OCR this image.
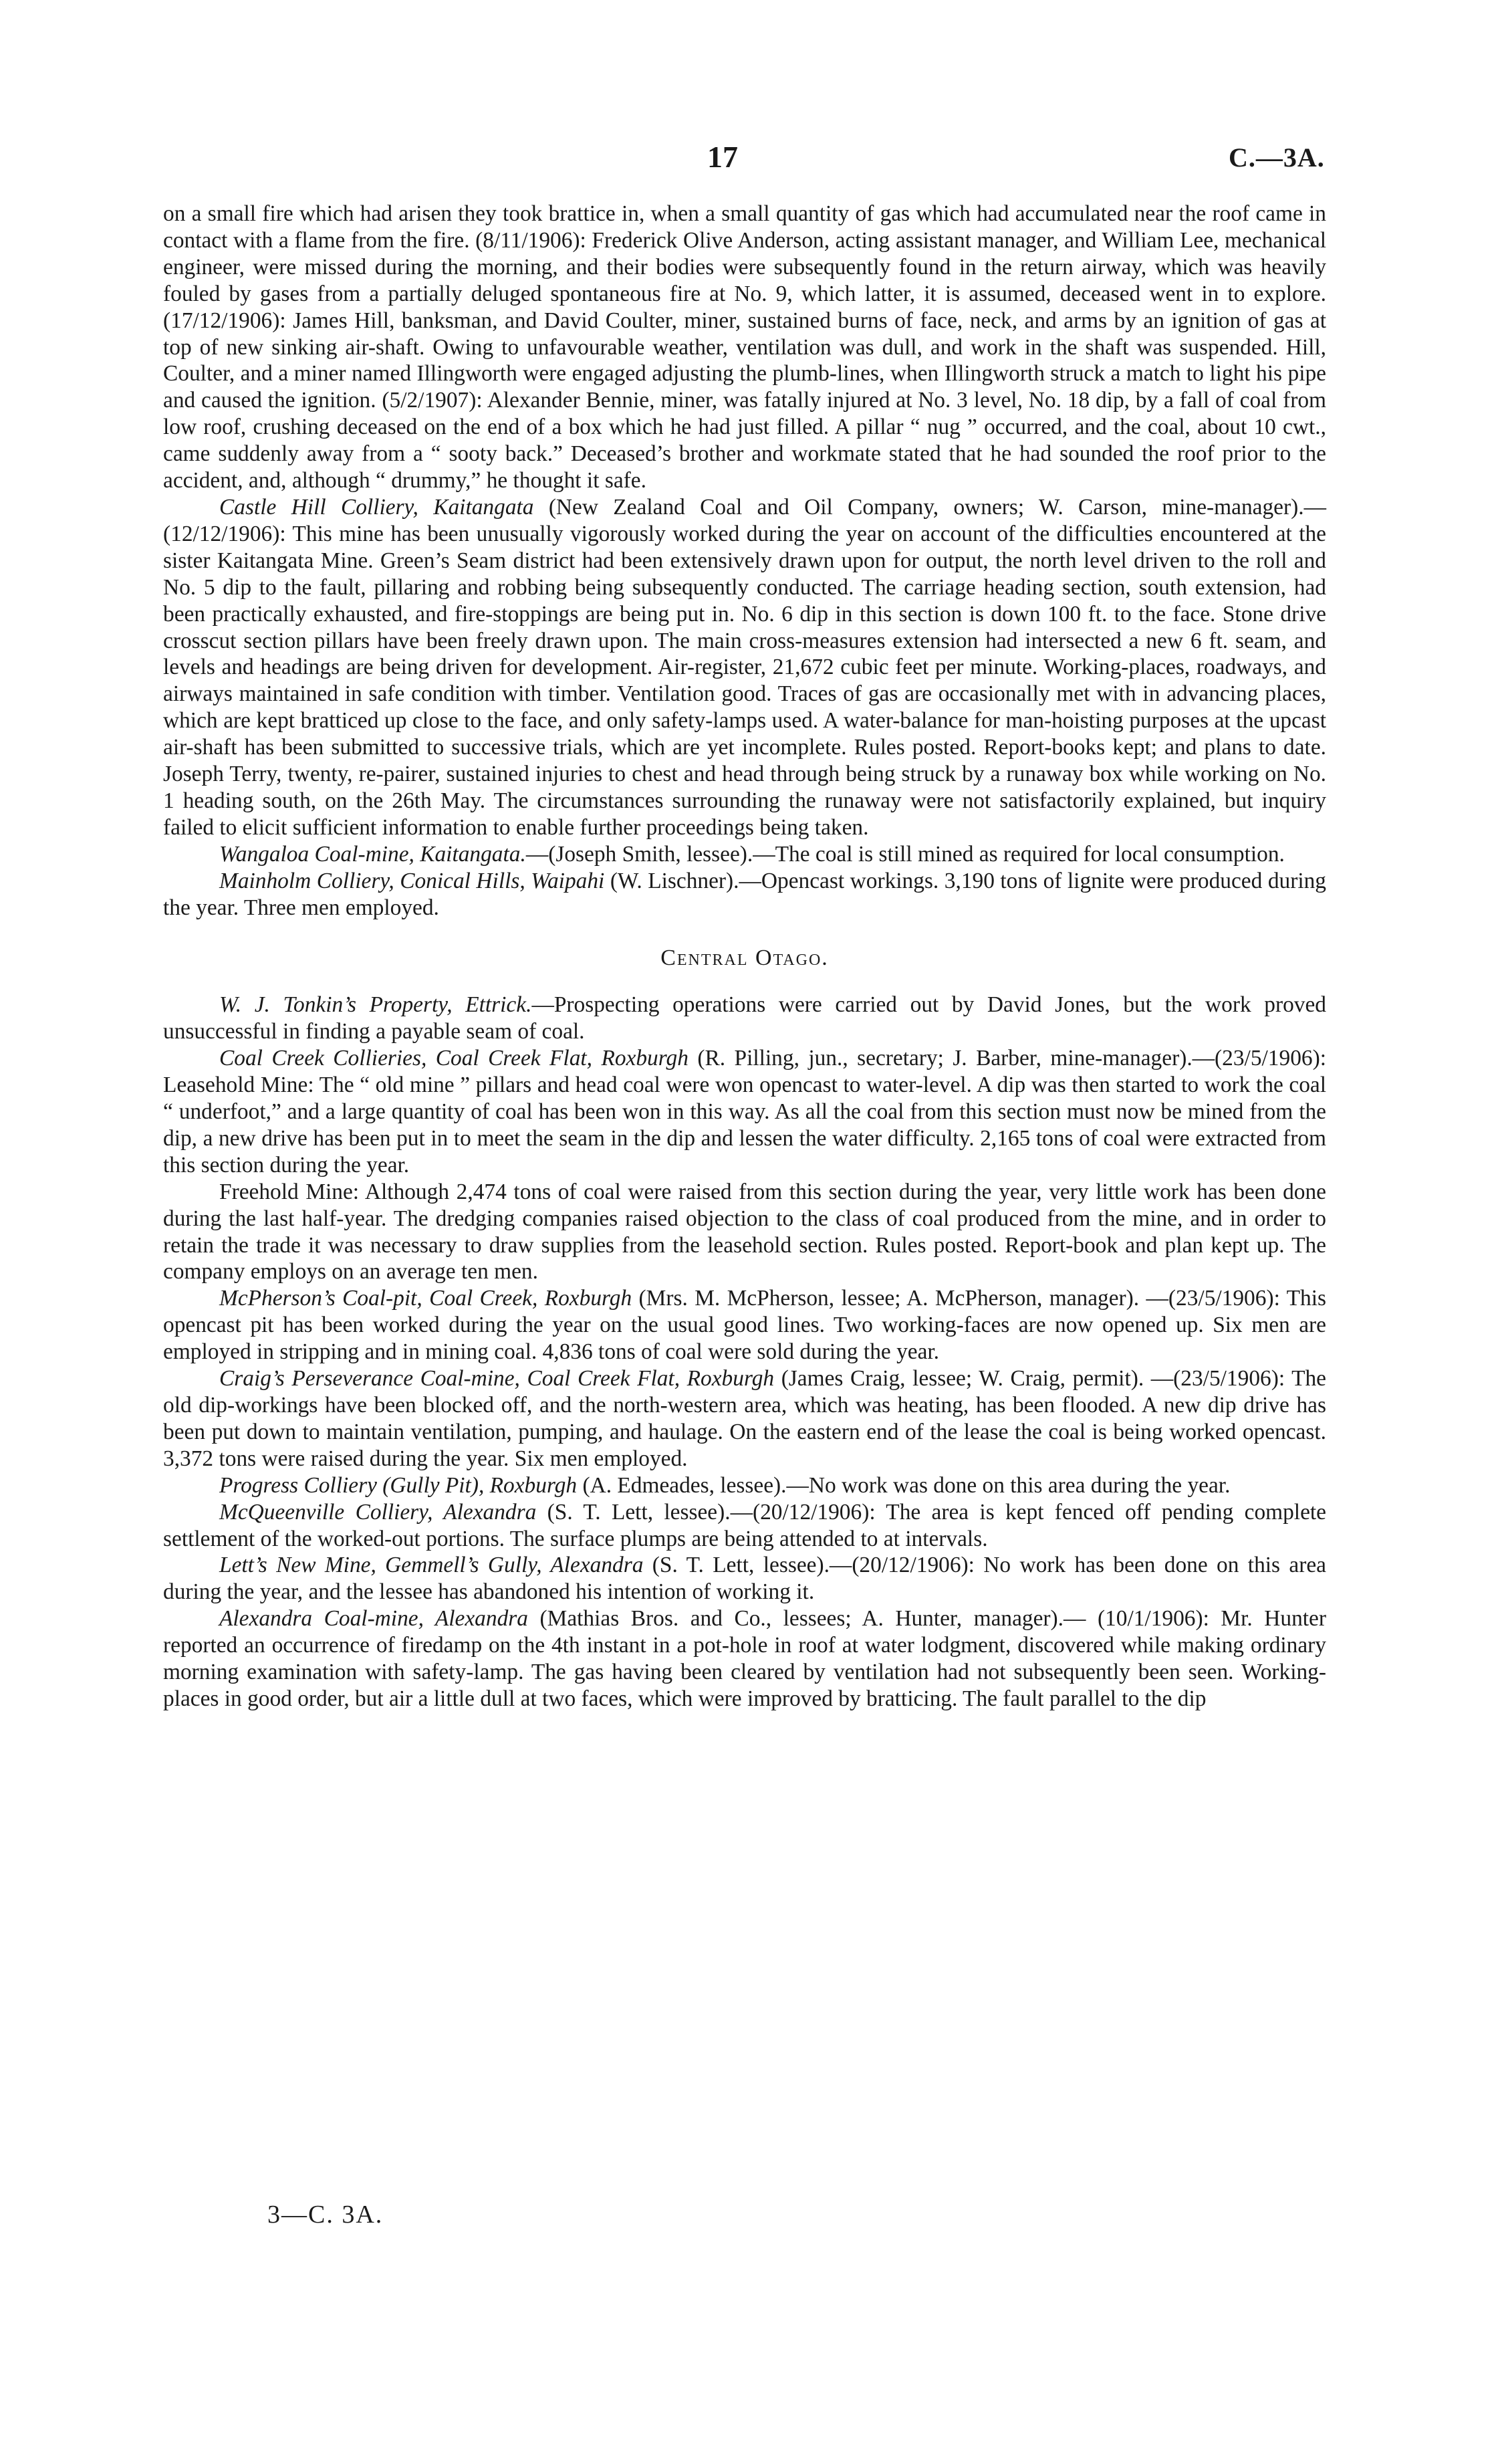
17	C.—3A.

on a small fire which had arisen they took brattice in, when a small quantity of gas which had accumulated near the roof came in contact with a flame from the fire. (8/11/1906): Frederick Olive Anderson, acting assistant manager, and William Lee, mechanical engineer, were missed during the morning, and their bodies were subsequently found in the return airway, which was heavily fouled by gases from a partially deluged spontaneous fire at No. 9, which latter, it is assumed, deceased went in to explore. (17/12/1906): James Hill, banksman, and David Coulter, miner, sustained burns of face, neck, and arms by an ignition of gas at top of new sinking air-shaft. Owing to unfavourable weather, ventilation was dull, and work in the shaft was suspended. Hill, Coulter, and a miner named Illingworth were engaged adjusting the plumb-lines, when Illingworth struck a match to light his pipe and caused the ignition. (5/2/1907): Alexander Bennie, miner, was fatally injured at No. 3 level, No. 18 dip, by a fall of coal from low roof, crushing deceased on the end of a box which he had just filled. A pillar “ nug ” occurred, and the coal, about 10 cwt., came suddenly away from a “ sooty back.” Deceased’s brother and workmate stated that he had sounded the roof prior to the accident, and, although “ drummy,” he thought it safe.

Castle Hill Colliery, Kaitangata (New Zealand Coal and Oil Company, owners; W. Carson, mine-manager).—(12/12/1906): This mine has been unusually vigorously worked during the year on account of the difficulties encountered at the sister Kaitangata Mine. Green’s Seam district had been extensively drawn upon for output, the north level driven to the roll and No. 5 dip to the fault, pillaring and robbing being subsequently conducted. The carriage heading section, south extension, had been practically exhausted, and fire-stoppings are being put in. No. 6 dip in this section is down 100 ft. to the face. Stone drive crosscut section pillars have been freely drawn upon. The main cross-measures extension had intersected a new 6 ft. seam, and levels and headings are being driven for development. Air-register, 21,672 cubic feet per minute. Working-places, roadways, and airways maintained in safe condition with timber. Ventilation good. Traces of gas are occasionally met with in advancing places, which are kept bratticed up close to the face, and only safety-lamps used. A water-balance for man-hoisting purposes at the upcast air-shaft has been submitted to successive trials, which are yet incomplete. Rules posted. Report-books kept; and plans to date. Joseph Terry, twenty, re-pairer, sustained injuries to chest and head through being struck by a runaway box while working on No. 1 heading south, on the 26th May. The circumstances surrounding the runaway were not satisfactorily explained, but inquiry failed to elicit sufficient information to enable further proceedings being taken.

Wangaloa Coal-mine, Kaitangata.—(Joseph Smith, lessee).—The coal is still mined as required for local consumption.

Mainholm Colliery, Conical Hills, Waipahi (W. Lischner).—Opencast workings. 3,190 tons of lignite were produced during the year. Three men employed.

Central Otago.

W. J. Tonkin’s Property, Ettrick.—Prospecting operations were carried out by David Jones, but the work proved unsuccessful in finding a payable seam of coal.

Coal Creek Collieries, Coal Creek Flat, Roxburgh (R. Pilling, jun., secretary; J. Barber, mine-manager).—(23/5/1906): Leasehold Mine: The “ old mine ” pillars and head coal were won opencast to water-level. A dip was then started to work the coal “ underfoot,” and a large quantity of coal has been won in this way. As all the coal from this section must now be mined from the dip, a new drive has been put in to meet the seam in the dip and lessen the water difficulty. 2,165 tons of coal were extracted from this section during the year.

Freehold Mine: Although 2,474 tons of coal were raised from this section during the year, very little work has been done during the last half-year. The dredging companies raised objection to the class of coal produced from the mine, and in order to retain the trade it was necessary to draw supplies from the leasehold section. Rules posted. Report-book and plan kept up. The company employs on an average ten men.

McPherson’s Coal-pit, Coal Creek, Roxburgh (Mrs. M. McPherson, lessee; A. McPherson, manager). —(23/5/1906): This opencast pit has been worked during the year on the usual good lines. Two working-faces are now opened up. Six men are employed in stripping and in mining coal. 4,836 tons of coal were sold during the year.

Craig’s Perseverance Coal-mine, Coal Creek Flat, Roxburgh (James Craig, lessee; W. Craig, permit). —(23/5/1906): The old dip-workings have been blocked off, and the north-western area, which was heating, has been flooded. A new dip drive has been put down to maintain ventilation, pumping, and haulage. On the eastern end of the lease the coal is being worked opencast. 3,372 tons were raised during the year. Six men employed.

Progress Colliery (Gully Pit), Roxburgh (A. Edmeades, lessee).—No work was done on this area during the year.

McQueenville Colliery, Alexandra (S. T. Lett, lessee).—(20/12/1906): The area is kept fenced off pending complete settlement of the worked-out portions. The surface plumps are being attended to at intervals.

Lett’s New Mine, Gemmell’s Gully, Alexandra (S. T. Lett, lessee).—(20/12/1906): No work has been done on this area during the year, and the lessee has abandoned his intention of working it.

Alexandra Coal-mine, Alexandra (Mathias Bros. and Co., lessees; A. Hunter, manager).— (10/1/1906): Mr. Hunter reported an occurrence of firedamp on the 4th instant in a pot-hole in roof at water lodgment, discovered while making ordinary morning examination with safety-lamp. The gas having been cleared by ventilation had not subsequently been seen. Working-places in good order, but air a little dull at two faces, which were improved by bratticing. The fault parallel to the dip

3—C. 3A.
